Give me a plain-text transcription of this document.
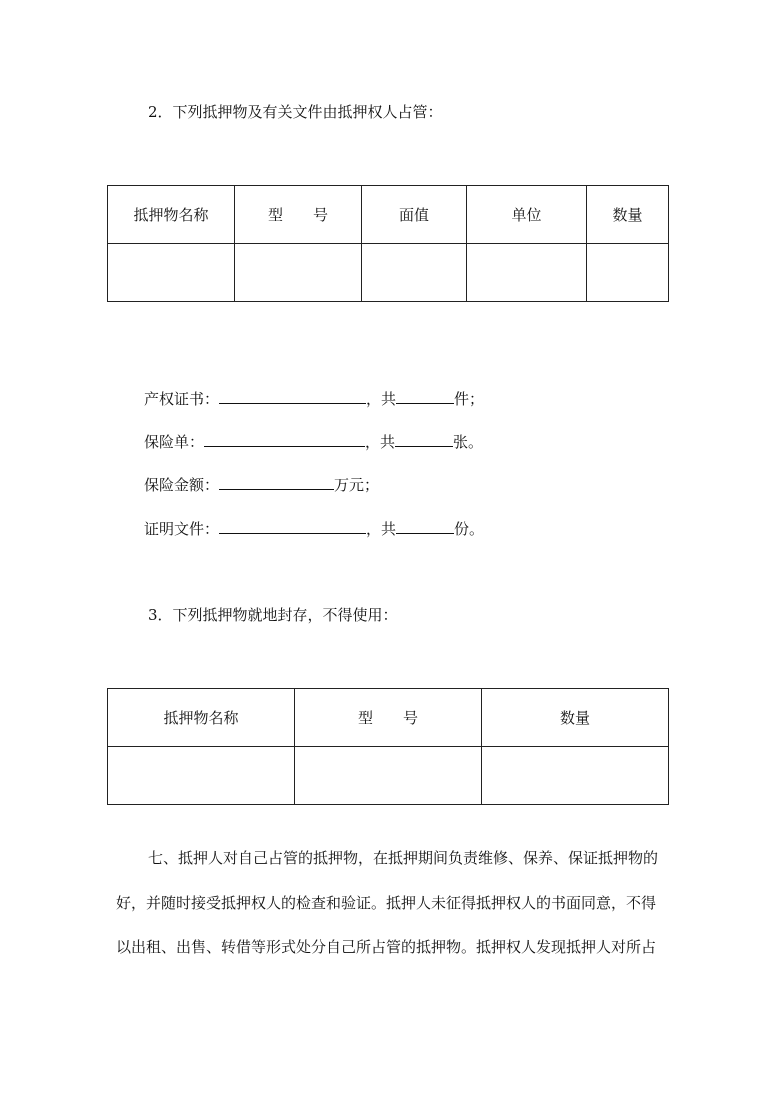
2．下列抵押物及有关文件由抵押权人占管：
抵押物名称	型　　号	面值	单位	数量

产权证书：	，共	件；
保险单：	，共	张。
保险金额：	万元；
证明文件：	，共	份。
3．下列抵押物就地封存，不得使用：
抵押物名称	型　　号	数量

七、抵押人对自己占管的抵押物，在抵押期间负责维修、保养、保证抵押物的
好，并随时接受抵押权人的检查和验证。抵押人未征得抵押权人的书面同意，不得
以出租、出售、转借等形式处分自己所占管的抵押物。抵押权人发现抵押人对所占
